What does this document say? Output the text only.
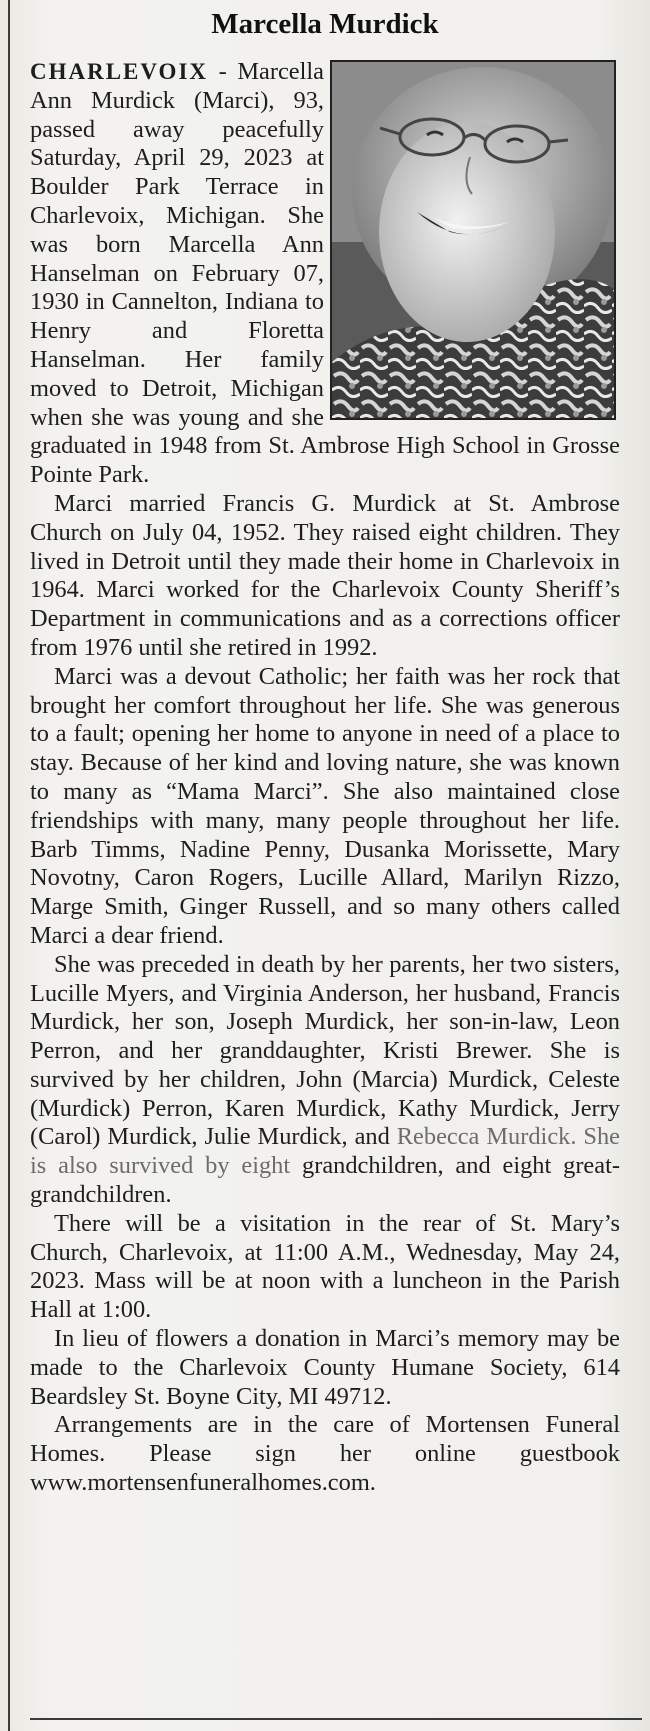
Marcella Murdick

CHARLEVOIX - Marcella Ann Murdick (Marci), 93, passed away peacefully Saturday, April 29, 2023 at Boulder Park Terrace in Charlevoix, Michigan. She was born Marcella Ann Hanselman on February 07, 1930 in Cannelton, Indiana to Henry and Floretta Hanselman. Her family moved to Detroit, Michigan when she was young and she graduated in 1948 from St. Ambrose High School in Grosse Pointe Park.

Marci married Francis G. Murdick at St. Ambrose Church on July 04, 1952. They raised eight children. They lived in Detroit until they made their home in Charlevoix in 1964. Marci worked for the Charlevoix County Sheriff’s Department in communications and as a corrections officer from 1976 until she retired in 1992.

Marci was a devout Catholic; her faith was her rock that brought her comfort throughout her life. She was generous to a fault; opening her home to anyone in need of a place to stay. Because of her kind and loving nature, she was known to many as “Mama Marci”. She also maintained close friendships with many, many people throughout her life. Barb Timms, Nadine Penny, Dusanka Morissette, Mary Novotny, Caron Rogers, Lucille Allard, Marilyn Rizzo, Marge Smith, Ginger Russell, and so many others called Marci a dear friend.

She was preceded in death by her parents, her two sisters, Lucille Myers, and Virginia Anderson, her husband, Francis Murdick, her son, Joseph Murdick, her son-in-law, Leon Perron, and her granddaughter, Kristi Brewer. She is survived by her children, John (Marcia) Murdick, Celeste (Murdick) Perron, Karen Murdick, Kathy Murdick, Jerry (Carol) Murdick, Julie Murdick, and Rebecca Murdick. She is also survived by eight grandchildren, and eight great-grandchildren.

There will be a visitation in the rear of St. Mary’s Church, Charlevoix, at 11:00 A.M., Wednesday, May 24, 2023. Mass will be at noon with a luncheon in the Parish Hall at 1:00.

In lieu of flowers a donation in Marci’s memory may be made to the Charlevoix County Humane Society, 614 Beardsley St. Boyne City, MI 49712.

Arrangements are in the care of Mortensen Funeral Homes. Please sign her online guestbook www.mortensenfuneralhomes.com.
